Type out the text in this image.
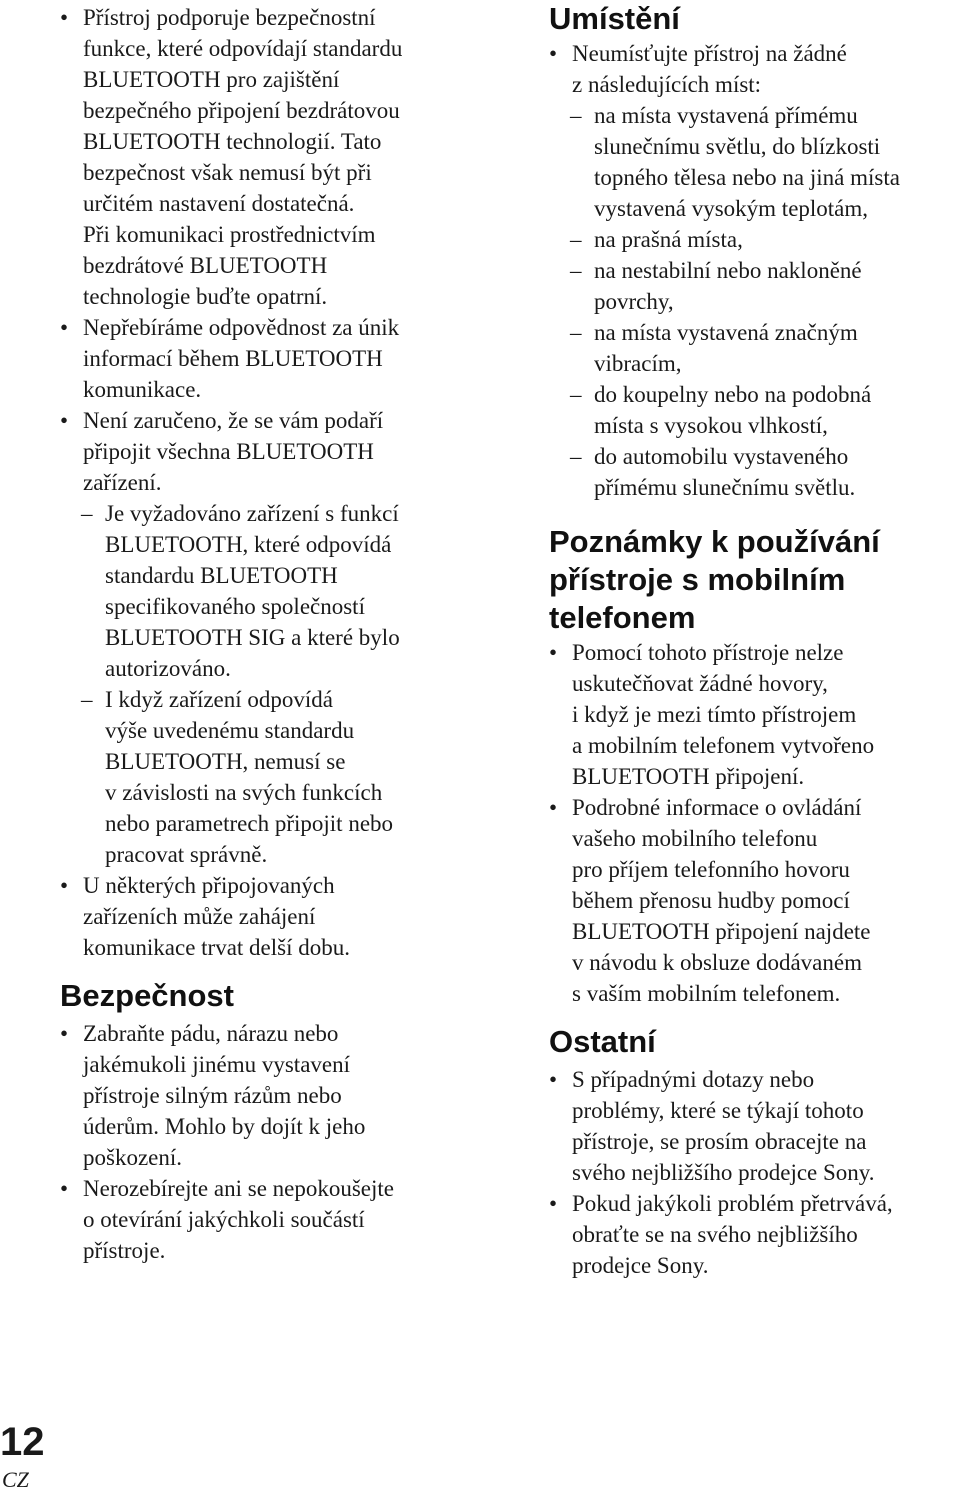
• Přístroj podporuje bezpečnostní
funkce, které odpovídají standardu
BLUETOOTH pro zajištění
bezpečného připojení bezdrátovou
BLUETOOTH technologií. Tato
bezpečnost však nemusí být při
určitém nastavení dostatečná.
Při komunikaci prostřednictvím
bezdrátové BLUETOOTH
technologie buďte opatrní.
• Nepřebíráme odpovědnost za únik
informací během BLUETOOTH
komunikace.
• Není zaručeno, že se vám podaří
připojit všechna BLUETOOTH
zařízení.
– Je vyžadováno zařízení s funkcí
BLUETOOTH, které odpovídá
standardu BLUETOOTH
specifikovaného společností
BLUETOOTH SIG a které bylo
autorizováno.
– I když zařízení odpovídá
výše uvedenému standardu
BLUETOOTH, nemusí se
v závislosti na svých funkcích
nebo parametrech připojit nebo
pracovat správně.
• U některých připojovaných
zařízeních může zahájení
komunikace trvat delší dobu.
Bezpečnost
• Zabraňte pádu, nárazu nebo
jakémukoli jinému vystavení
přístroje silným rázům nebo
úderům. Mohlo by dojít k jeho
poškození.
• Nerozebírejte ani se nepokoušejte
o otevírání jakýchkoli součástí
přístroje.
Umístění
• Neumísťujte přístroj na žádné
z následujících míst:
– na místa vystavená přímému
slunečnímu světlu, do blízkosti
topného tělesa nebo na jiná místa
vystavená vysokým teplotám,
– na prašná místa,
– na nestabilní nebo nakloněné
povrchy,
– na místa vystavená značným
vibracím,
– do koupelny nebo na podobná
místa s vysokou vlhkostí,
– do automobilu vystaveného
přímému slunečnímu světlu.
Poznámky k používání
přístroje s mobilním
telefonem
• Pomocí tohoto přístroje nelze
uskutečňovat žádné hovory,
i když je mezi tímto přístrojem
a mobilním telefonem vytvořeno
BLUETOOTH připojení.
• Podrobné informace o ovládání
vašeho mobilního telefonu
pro příjem telefonního hovoru
během přenosu hudby pomocí
BLUETOOTH připojení najdete
v návodu k obsluze dodávaném
s vaším mobilním telefonem.
Ostatní
• S případnými dotazy nebo
problémy, které se týkají tohoto
přístroje, se prosím obracejte na
svého nejbližšího prodejce Sony.
• Pokud jakýkoli problém přetrvává,
obraťte se na svého nejbližšího
prodejce Sony.
12
CZ
